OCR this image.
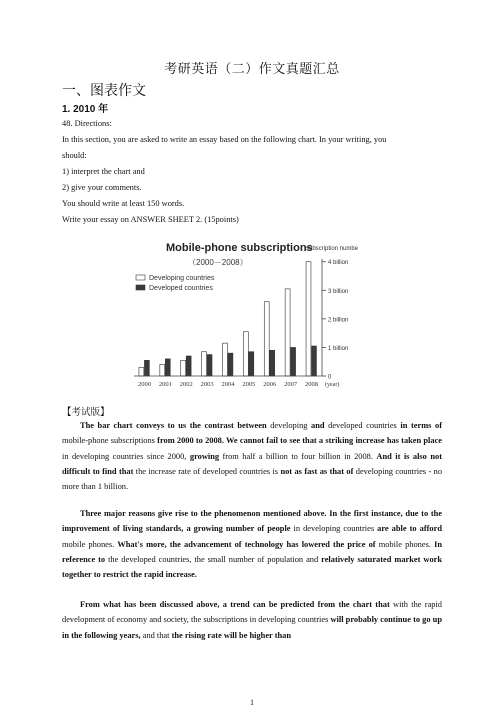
考研英语（二）作文真题汇总
一、图表作文
1. 2010 年
48. Directions:
In this section, you are asked to write an essay based on the following chart. In your writing, you
should:
1) interpret the chart and
2) give your comments.
You should write at least 150 words.
Write your essay on ANSWER SHEET 2. (15points)
Mobile-phone subscriptions
（2000－2008）
subscription number
Developing countries
Developed countries
0
1 billion
2 billion
3 billion
4 billion
2000 2001 2002 2003 2004 2005 2006 2007 2008 (year)
【考试版】
The bar chart conveys to us the contrast between developing and developed countries in terms of mobile-phone subscriptions from 2000 to 2008. We cannot fail to see that a striking increase has taken place in developing countries since 2000, growing from half a billion to four billion in 2008. And it is also not difficult to find that the increase rate of developed countries is not as fast as that of developing countries - no more than 1 billion.
Three major reasons give rise to the phenomenon mentioned above. In the first instance, due to the improvement of living standards, a growing number of people in developing countries are able to afford mobile phones. What's more, the advancement of technology has lowered the price of mobile phones. In reference to the developed countries, the small number of population and relatively saturated market work together to restrict the rapid increase.
From what has been discussed above, a trend can be predicted from the chart that with the rapid development of economy and society, the subscriptions in developing countries will probably continue to go up in the following years, and that the rising rate will be higher than
1
